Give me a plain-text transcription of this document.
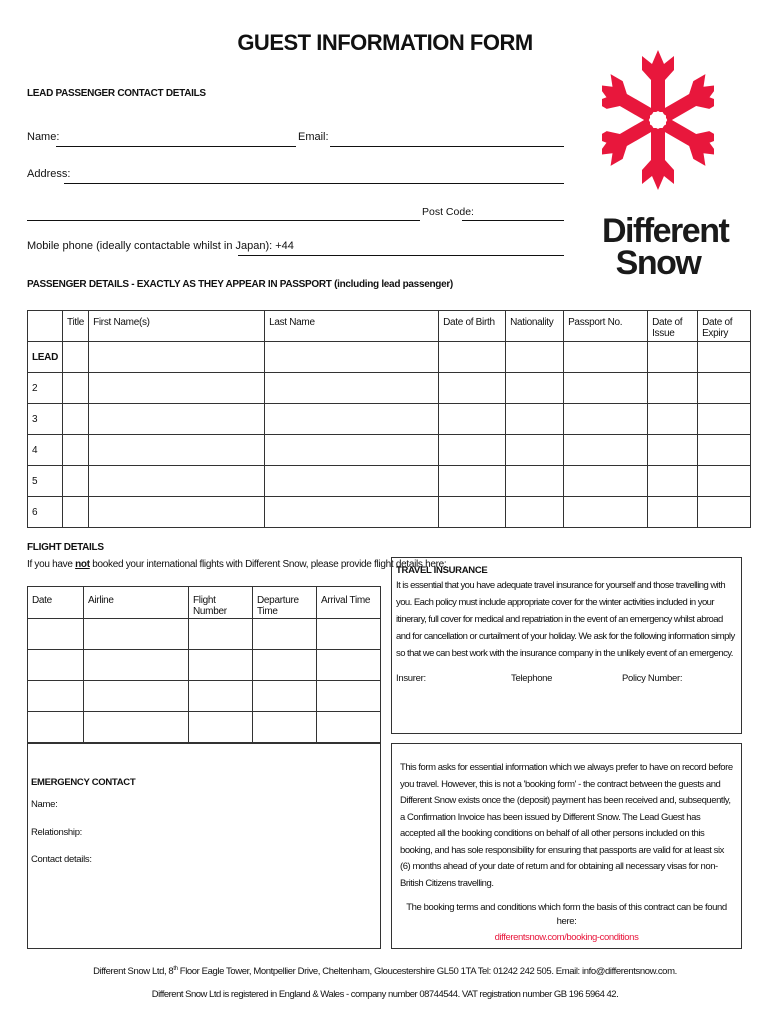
GUEST INFORMATION FORM
Different
Snow
LEAD PASSENGER CONTACT DETAILS
Name:	Email:
Address:
Post Code:
Mobile phone (ideally contactable whilst in Japan): +44
PASSENGER DETAILS - EXACTLY AS THEY APPEAR IN PASSPORT (including lead passenger)
	Title	First Name(s)	Last Name	Date of Birth	Nationality	Passport No.	Date of Issue	Date of Expiry
LEAD								
2								
3								
4								
5								
6								
FLIGHT DETAILS
If you have not booked your international flights with Different Snow, please provide flight details here:
Date	Airline	Flight Number	Departure Time	Arrival Time

TRAVEL INSURANCE
It is essential that you have adequate travel insurance for yourself and those travelling with you. Each policy must include appropriate cover for the winter activities included in your itinerary, full cover for medical and repatriation in the event of an emergency whilst abroad and for cancellation or curtailment of your holiday. We ask for the following information simply so that we can best work with the insurance company in the unlikely event of an emergency.
Insurer:	Telephone	Policy Number:
EMERGENCY CONTACT
Name:
Relationship:
Contact details:
This form asks for essential information which we always prefer to have on record before you travel. However, this is not a 'booking form' - the contract between the guests and Different Snow exists once the (deposit) payment has been received and, subsequently, a Confirmation Invoice has been issued by Different Snow. The Lead Guest has accepted all the booking conditions on behalf of all other persons included on this booking, and has sole responsibility for ensuring that passports are valid for at least six (6) months ahead of your date of return and for obtaining all necessary visas for non-British Citizens travelling.
The booking terms and conditions which form the basis of this contract can be found here:
differentsnow.com/booking-conditions
Different Snow Ltd, 8th Floor Eagle Tower, Montpellier Drive, Cheltenham, Gloucestershire GL50 1TA Tel: 01242 242 505. Email: info@differentsnow.com.
Different Snow Ltd is registered in England & Wales - company number 08744544. VAT registration number GB 196 5964 42.
